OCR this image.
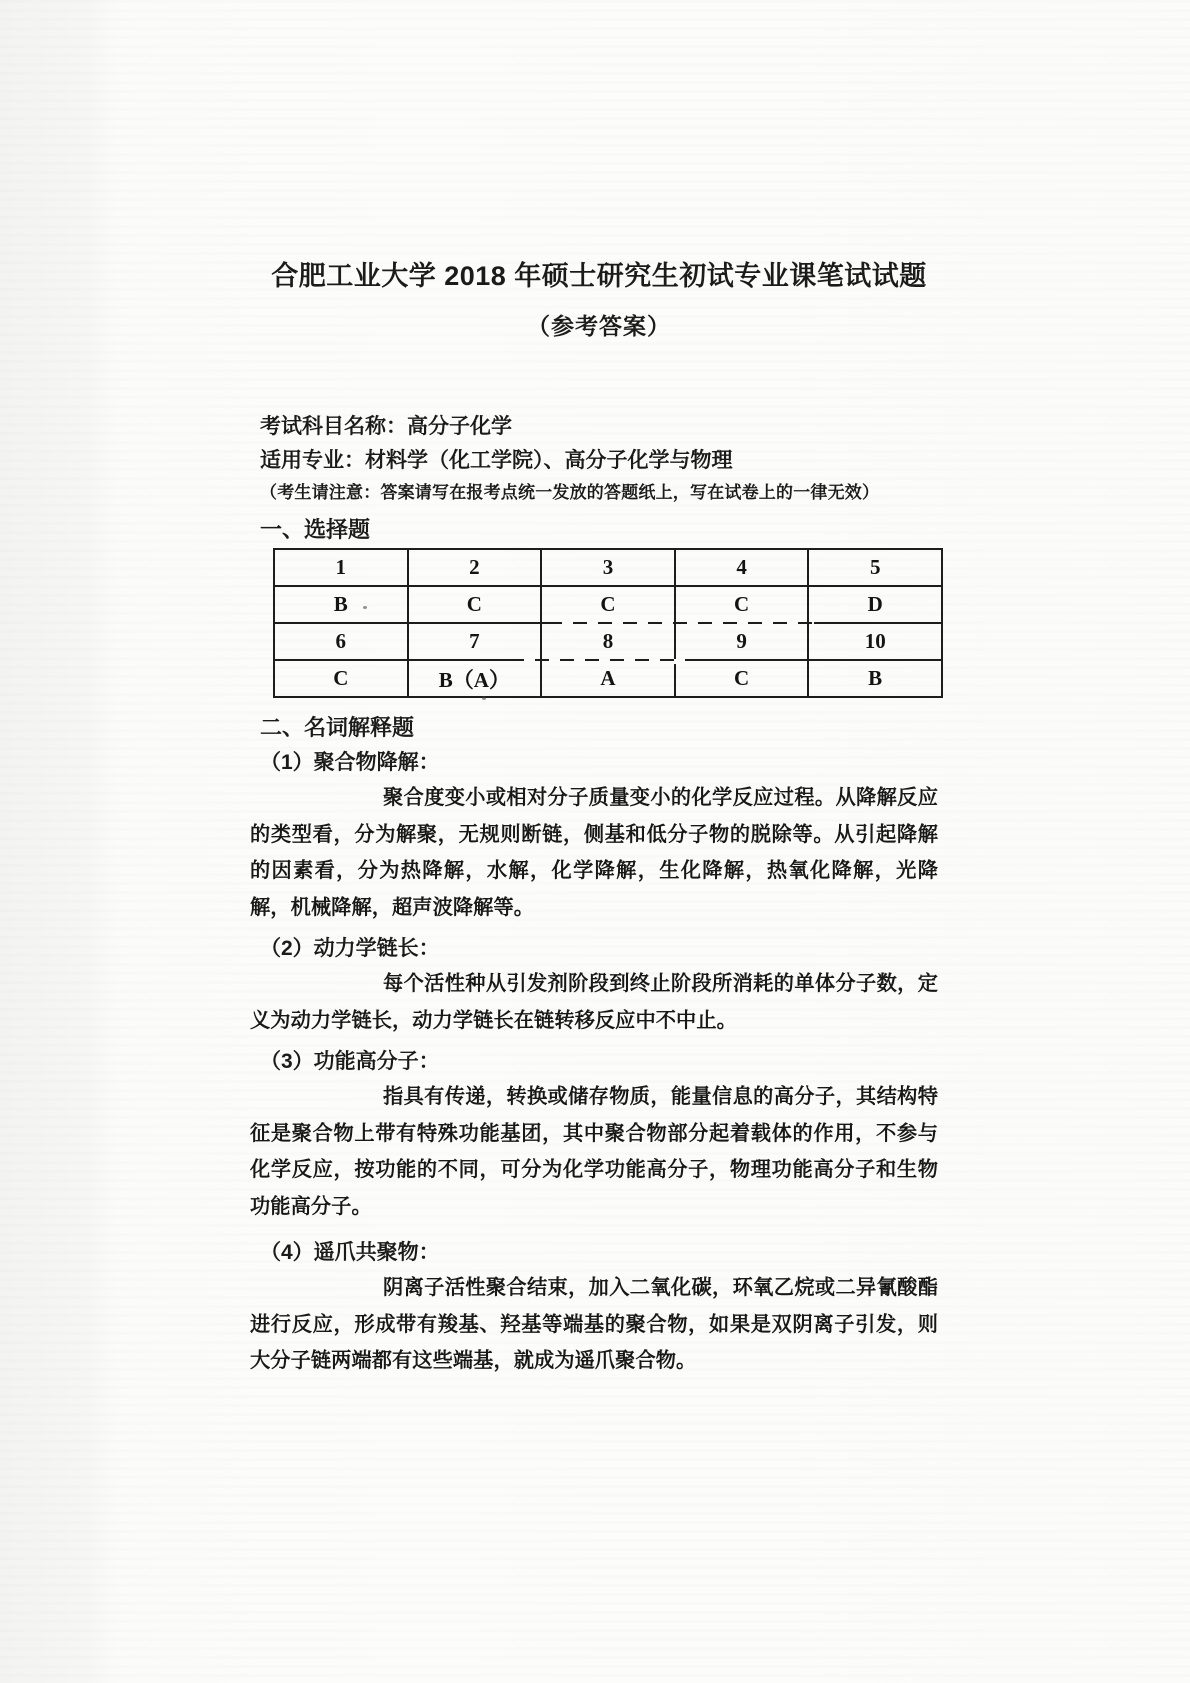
合肥工业大学 2018 年硕士研究生初试专业课笔试试题
（参考答案）
考试科目名称：高分子化学
适用专业：材料学（化工学院）、高分子化学与物理
（考生请注意：答案请写在报考点统一发放的答题纸上，写在试卷上的一律无效）
一、选择题
1	2	3	4	5
B	C	C	C	D
6	7	8	9	10
C	B（A）	A	C	B
二、名词解释题
（1）聚合物降解：

聚合度变小或相对分子质量变小的化学反应过程。从降解反应的类型看，分为解聚，无规则断链，侧基和低分子物的脱除等。从引起降解的因素看，分为热降解，水解，化学降解，生化降解，热氧化降解，光降解，机械降解，超声波降解等。

（2）动力学链长：

每个活性种从引发剂阶段到终止阶段所消耗的单体分子数，定义为动力学链长，动力学链长在链转移反应中不中止。

（3）功能高分子：

指具有传递，转换或储存物质，能量信息的高分子，其结构特征是聚合物上带有特殊功能基团，其中聚合物部分起着载体的作用，不参与化学反应，按功能的不同，可分为化学功能高分子，物理功能高分子和生物功能高分子。

（4）遥爪共聚物：

阴离子活性聚合结束，加入二氧化碳，环氧乙烷或二异氰酸酯进行反应，形成带有羧基、羟基等端基的聚合物，如果是双阴离子引发，则大分子链两端都有这些端基，就成为遥爪聚合物。
